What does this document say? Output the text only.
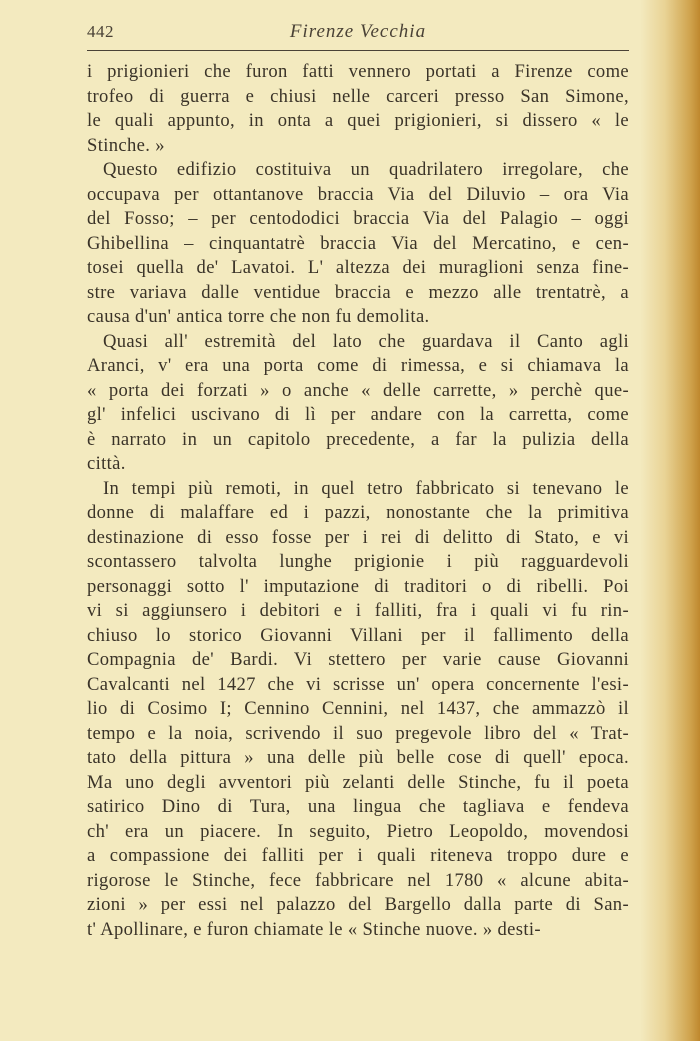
442	Firenze Vecchia
i prigionieri che furon fatti vennero portati a Firenze come
trofeo di guerra e chiusi nelle carceri presso San Simone,
le quali appunto, in onta a quei prigionieri, si dissero « le
Stinche. »
Questo edifizio costituiva un quadrilatero irregolare, che
occupava per ottantanove braccia Via del Diluvio – ora Via
del Fosso; – per centododici braccia Via del Palagio – oggi
Ghibellina – cinquantatrè braccia Via del Mercatino, e cen-
tosei quella de' Lavatoi. L' altezza dei muraglioni senza fine-
stre variava dalle ventidue braccia e mezzo alle trentatrè, a
causa d'un' antica torre che non fu demolita.
Quasi all' estremità del lato che guardava il Canto agli
Aranci, v' era una porta come di rimessa, e si chiamava la
« porta dei forzati » o anche « delle carrette, » perchè que-
gl' infelici uscivano di lì per andare con la carretta, come
è narrato in un capitolo precedente, a far la pulizia della
città.
In tempi più remoti, in quel tetro fabbricato si tenevano le
donne di malaffare ed i pazzi, nonostante che la primitiva
destinazione di esso fosse per i rei di delitto di Stato, e vi
scontassero talvolta lunghe prigionie i più ragguardevoli
personaggi sotto l' imputazione di traditori o di ribelli. Poi
vi si aggiunsero i debitori e i falliti, fra i quali vi fu rin-
chiuso lo storico Giovanni Villani per il fallimento della
Compagnia de' Bardi. Vi stettero per varie cause Giovanni
Cavalcanti nel 1427 che vi scrisse un' opera concernente l'esi-
lio di Cosimo I; Cennino Cennini, nel 1437, che ammazzò il
tempo e la noia, scrivendo il suo pregevole libro del « Trat-
tato della pittura » una delle più belle cose di quell' epoca.
Ma uno degli avventori più zelanti delle Stinche, fu il poeta
satirico Dino di Tura, una lingua che tagliava e fendeva
ch' era un piacere. In seguito, Pietro Leopoldo, movendosi
a compassione dei falliti per i quali riteneva troppo dure e
rigorose le Stinche, fece fabbricare nel 1780 « alcune abita-
zioni » per essi nel palazzo del Bargello dalla parte di San-
t' Apollinare, e furon chiamate le « Stinche nuove. » desti-
